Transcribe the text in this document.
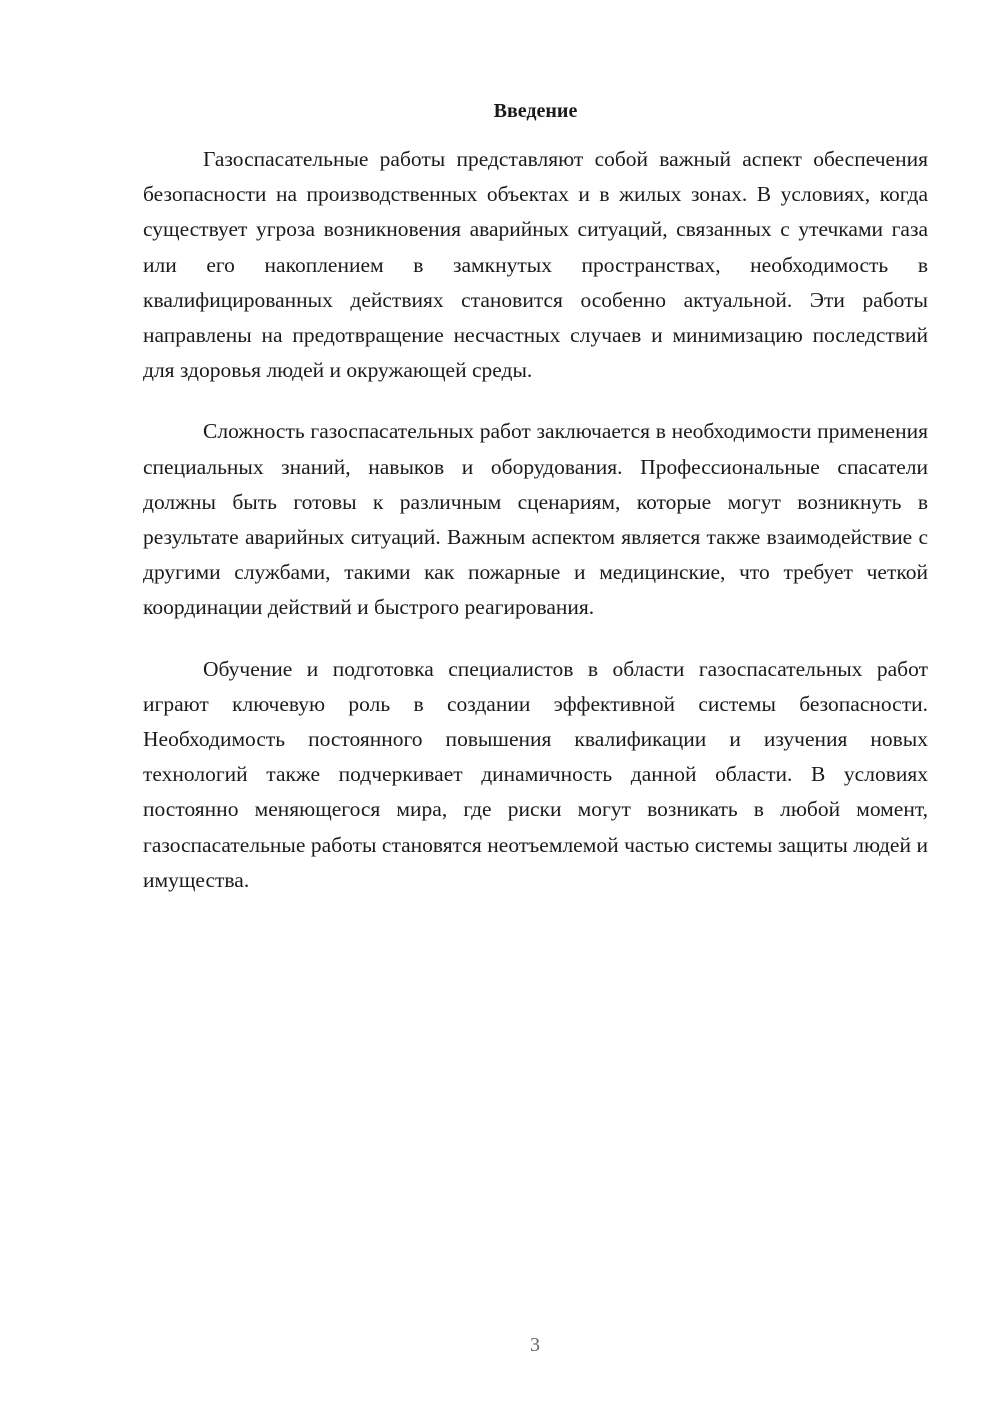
Введение

Газоспасательные работы представляют собой важный аспект обеспечения безопасности на производственных объектах и в жилых зонах. В условиях, когда существует угроза возникновения аварийных ситуаций, связанных с утечками газа или его накоплением в замкнутых пространствах, необходимость в квалифицированных действиях становится особенно актуальной. Эти работы направлены на предотвращение несчастных случаев и минимизацию последствий для здоровья людей и окружающей среды.

Сложность газоспасательных работ заключается в необходимости применения специальных знаний, навыков и оборудования. Профессиональные спасатели должны быть готовы к различным сценариям, которые могут возникнуть в результате аварийных ситуаций. Важным аспектом является также взаимодействие с другими службами, такими как пожарные и медицинские, что требует четкой координации действий и быстрого реагирования.

Обучение и подготовка специалистов в области газоспасательных работ играют ключевую роль в создании эффективной системы безопасности. Необходимость постоянного повышения квалификации и изучения новых технологий также подчеркивает динамичность данной области. В условиях постоянно меняющегося мира, где риски могут возникать в любой момент, газоспасательные работы становятся неотъемлемой частью системы защиты людей и имущества.

3
